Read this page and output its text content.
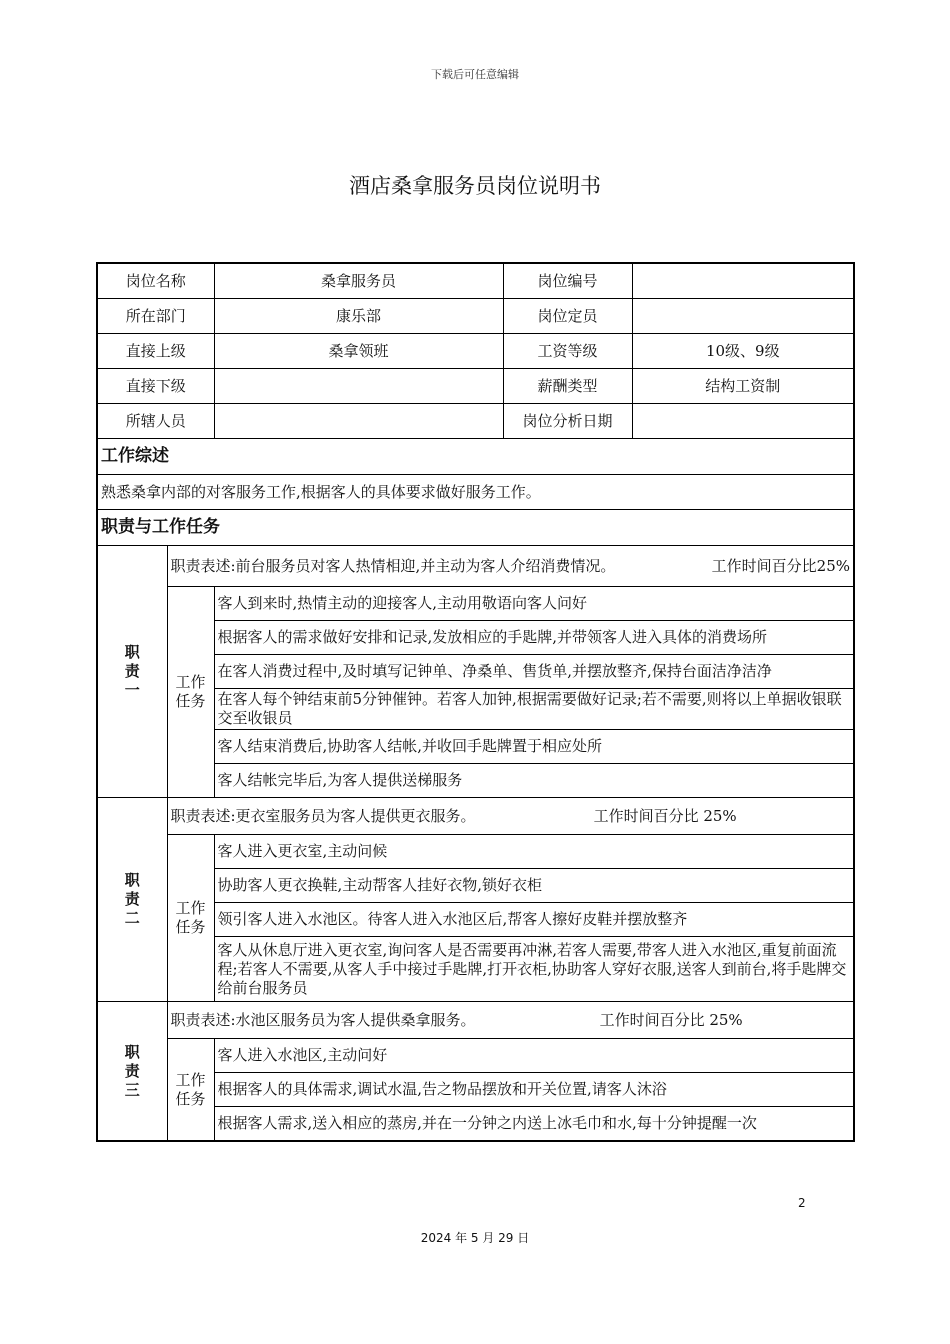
下载后可任意编辑
酒店桑拿服务员岗位说明书
岗位名称		桑拿服务员	岗位编号	
所在部门		康乐部	岗位定员	
直接上级		桑拿领班	工资等级	10级、9级
直接下级			薪酬类型	结构工资制
所辖人员			岗位分析日期	
工作综述				
熟悉桑拿内部的对客服务工作,根据客人的具体要求做好服务工作。				
职责与工作任务				
职
责
一	职责表述:前台服务员对客人热情相迎,并主动为客人介绍消费情况。 工作时间百分比25%			

	工作
任务	客人到来时,热情主动的迎接客人,主动用敬语向客人问好		
		根据客人的需求做好安排和记录,发放相应的手匙牌,并带领客人进入具体的消费场所		
		在客人消费过程中,及时填写记钟单、净桑单、售货单,并摆放整齐,保持台面洁净洁净		
		在客人每个钟结束前5分钟催钟。若客人加钟,根据需要做好记录;若不需要,则将以上单据收银联交至收银员		
		客人结束消费后,协助客人结帐,并收回手匙牌置于相应处所		
		客人结帐完毕后,为客人提供送梯服务		
职
责
二	职责表述:更衣室服务员为客人提供更衣服务。 工作时间百分比 25%			
	工作
任务	客人进入更衣室,主动问候		
		协助客人更衣换鞋,主动帮客人挂好衣物,锁好衣柜		
		领引客人进入水池区。待客人进入水池区后,帮客人擦好皮鞋并摆放整齐		
		客人从休息厅进入更衣室,询问客人是否需要再冲淋,若客人需要,带客人进入水池区,重复前面流程;若客人不需要,从客人手中接过手匙牌,打开衣柜,协助客人穿好衣服,送客人到前台,将手匙牌交给前台服务员		
职
责
三	职责表述:水池区服务员为客人提供桑拿服务。 工作时间百分比 25%			
	工作
任务	客人进入水池区,主动问好		
		根据客人的具体需求,调试水温,告之物品摆放和开关位置,请客人沐浴		
		根据客人需求,送入相应的蒸房,并在一分钟之内送上冰毛巾和水,每十分钟提醒一次		
2
2024 年 5 月 29 日
